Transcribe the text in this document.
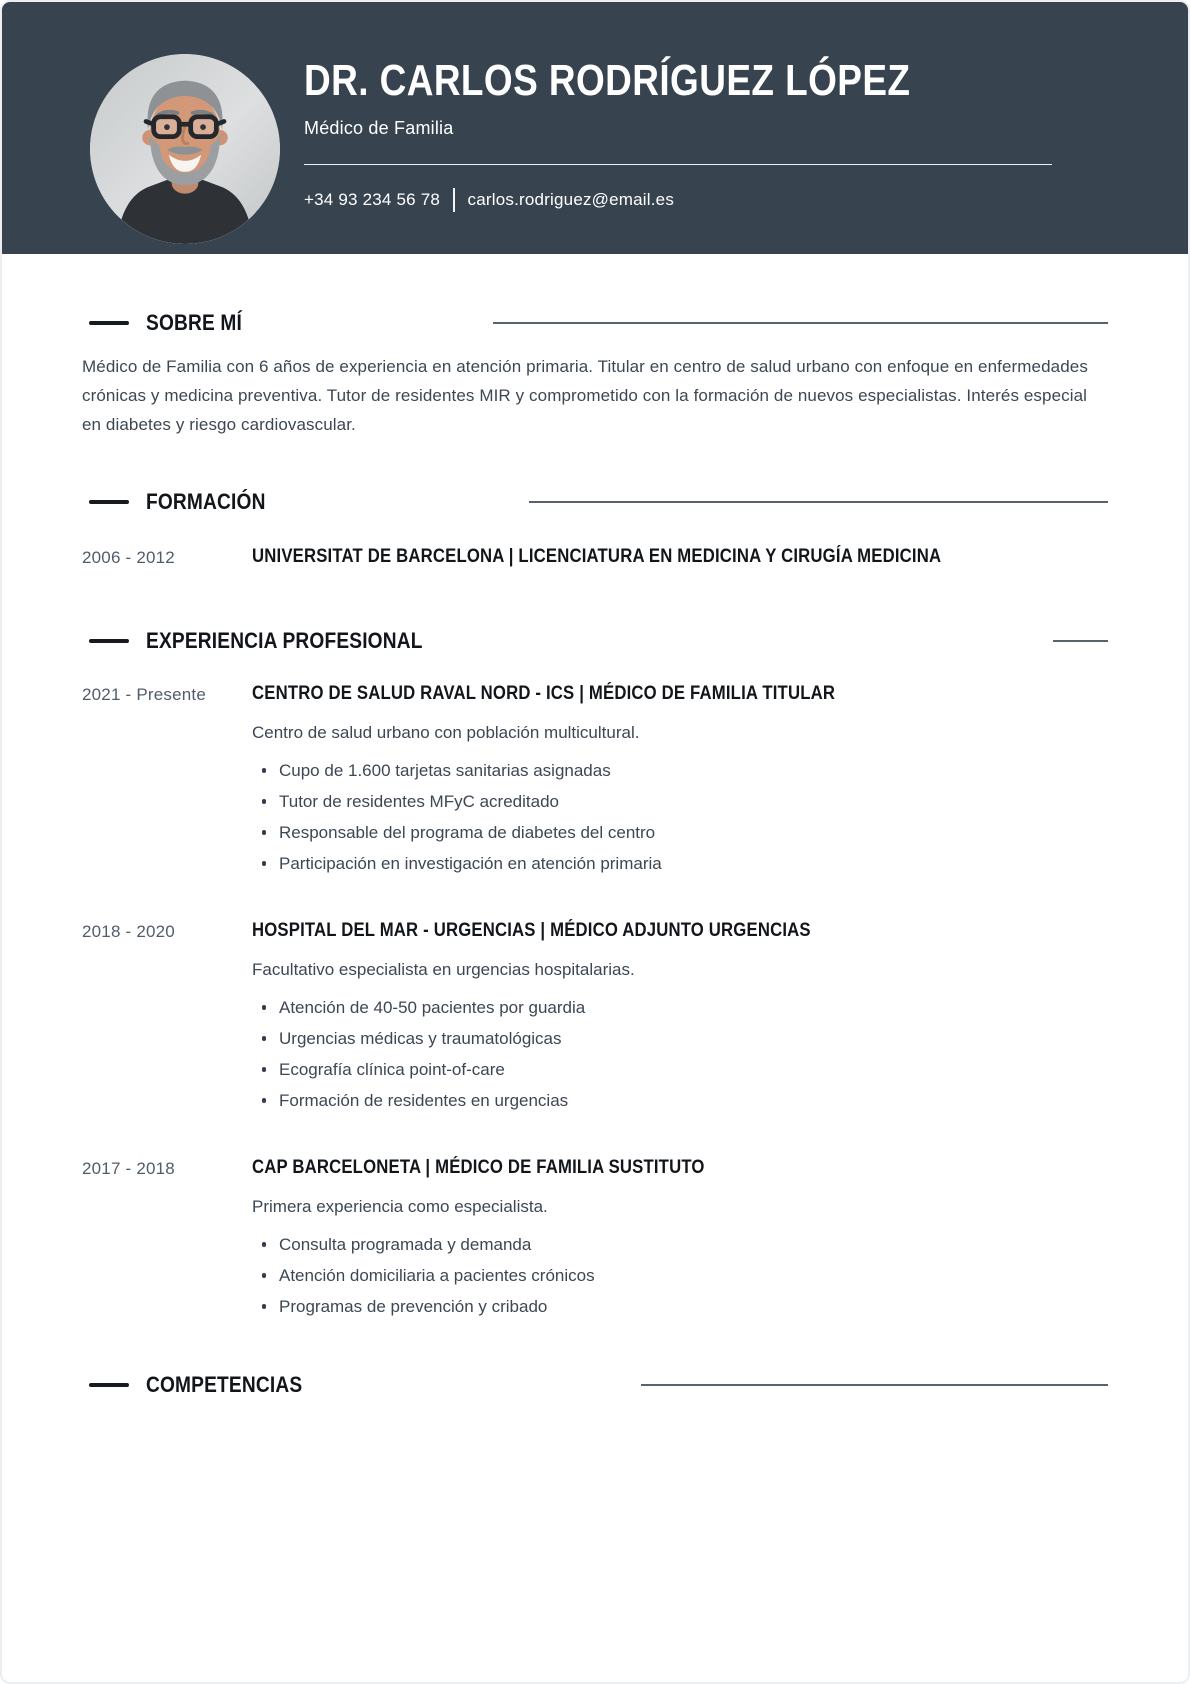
DR. CARLOS RODRÍGUEZ LÓPEZ
Médico de Familia
+34 93 234 56 78 carlos.rodriguez@email.es
SOBRE MÍ

Médico de Familia con 6 años de experiencia en atención primaria. Titular en centro de salud urbano con enfoque en enfermedades crónicas y medicina preventiva. Tutor de residentes MIR y comprometido con la formación de nuevos especialistas. Interés especial en diabetes y riesgo cardiovascular.

FORMACIÓN
2006 - 2012	UNIVERSITAT DE BARCELONA | LICENCIATURA EN MEDICINA Y CIRUGÍA MEDICINA
EXPERIENCIA PROFESIONAL
2021 - Presente	CENTRO DE SALUD RAVAL NORD - ICS | MÉDICO DE FAMILIA TITULAR
Centro de salud urbano con población multicultural.
Cupo de 1.600 tarjetas sanitarias asignadas
Tutor de residentes MFyC acreditado
Responsable del programa de diabetes del centro
Participación en investigación en atención primaria
2018 - 2020	HOSPITAL DEL MAR - URGENCIAS | MÉDICO ADJUNTO URGENCIAS
Facultativo especialista en urgencias hospitalarias.
Atención de 40-50 pacientes por guardia
Urgencias médicas y traumatológicas
Ecografía clínica point-of-care
Formación de residentes en urgencias
2017 - 2018	CAP BARCELONETA | MÉDICO DE FAMILIA SUSTITUTO
Primera experiencia como especialista.
Consulta programada y demanda
Atención domiciliaria a pacientes crónicos
Programas de prevención y cribado
COMPETENCIAS
